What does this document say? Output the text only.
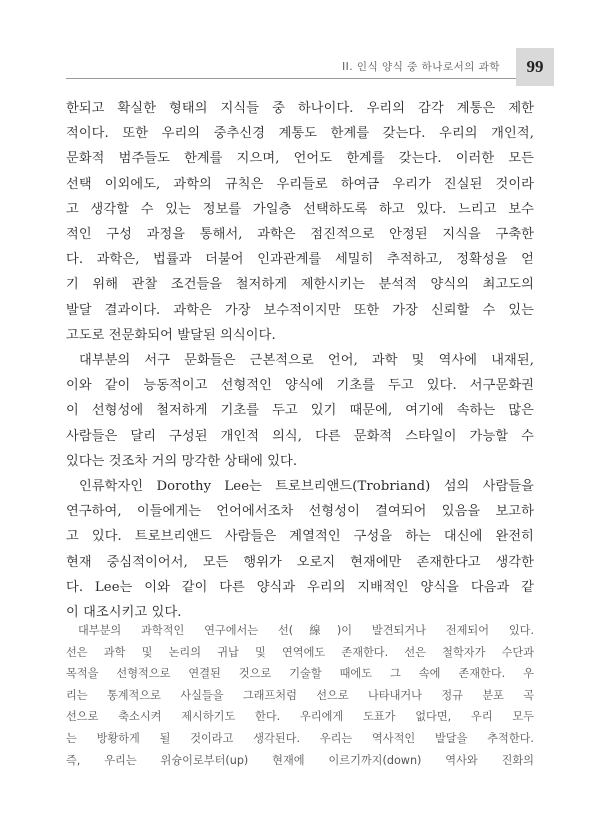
II. 인식 양식 중 하나로서의 과학 99

한되고 확실한 형태의 지식들 중 하나이다. 우리의 감각 계통은 제한
적이다. 또한 우리의 중추신경 계통도 한계를 갖는다. 우리의 개인적,
문화적 범주들도 한계를 지으며, 언어도 한계를 갖는다. 이러한 모든
선택 이외에도, 과학의 규칙은 우리들로 하여금 우리가 진실된 것이라
고 생각할 수 있는 정보를 가일층 선택하도록 하고 있다. 느리고 보수
적인 구성 과정을 통해서, 과학은 점진적으로 안정된 지식을 구축한
다. 과학은, 법률과 더불어 인과관계를 세밀히 추적하고, 정확성을 얻
기 위해 관찰 조건들을 철저하게 제한시키는 분석적 양식의 최고도의
발달 결과이다. 과학은 가장 보수적이지만 또한 가장 신뢰할 수 있는
고도로 전문화되어 발달된 의식이다.

대부분의 서구 문화들은 근본적으로 언어, 과학 및 역사에 내재된,
이와 같이 능동적이고 선형적인 양식에 기초를 두고 있다. 서구문화권
이 선형성에 철저하게 기초를 두고 있기 때문에, 여기에 속하는 많은
사람들은 달리 구성된 개인적 의식, 다른 문화적 스타일이 가능할 수
있다는 것조차 거의 망각한 상태에 있다.

인류학자인 Dorothy Lee는 트로브리앤드(Trobriand) 섬의 사람들을
연구하여, 이들에게는 언어에서조차 선형성이 결여되어 있음을 보고하
고 있다. 트로브리앤드 사람들은 계열적인 구성을 하는 대신에 완전히
현재 중심적이어서, 모든 행위가 오로지 현재에만 존재한다고 생각한
다. Lee는 이와 같이 다른 양식과 우리의 지배적인 양식을 다음과 같
이 대조시키고 있다.

대부분의 과학적인 연구에서는 선(線)이 발견되거나 전제되어 있다.
선은 과학 및 논리의 귀납 및 연역에도 존재한다. 선은 철학자가 수단과
목적을 선형적으로 연결된 것으로 기술할 때에도 그 속에 존재한다. 우
리는 통계적으로 사실들을 그래프처럼 선으로 나타내거나 정규 분포 곡
선으로 축소시켜 제시하기도 한다. 우리에게 도표가 없다면, 우리 모두
는 방황하게 될 것이라고 생각된다. 우리는 역사적인 발달을 추적한다.
즉, 우리는 위슝이로부터(up) 현재에 이르기까지(down) 역사와 진화의
